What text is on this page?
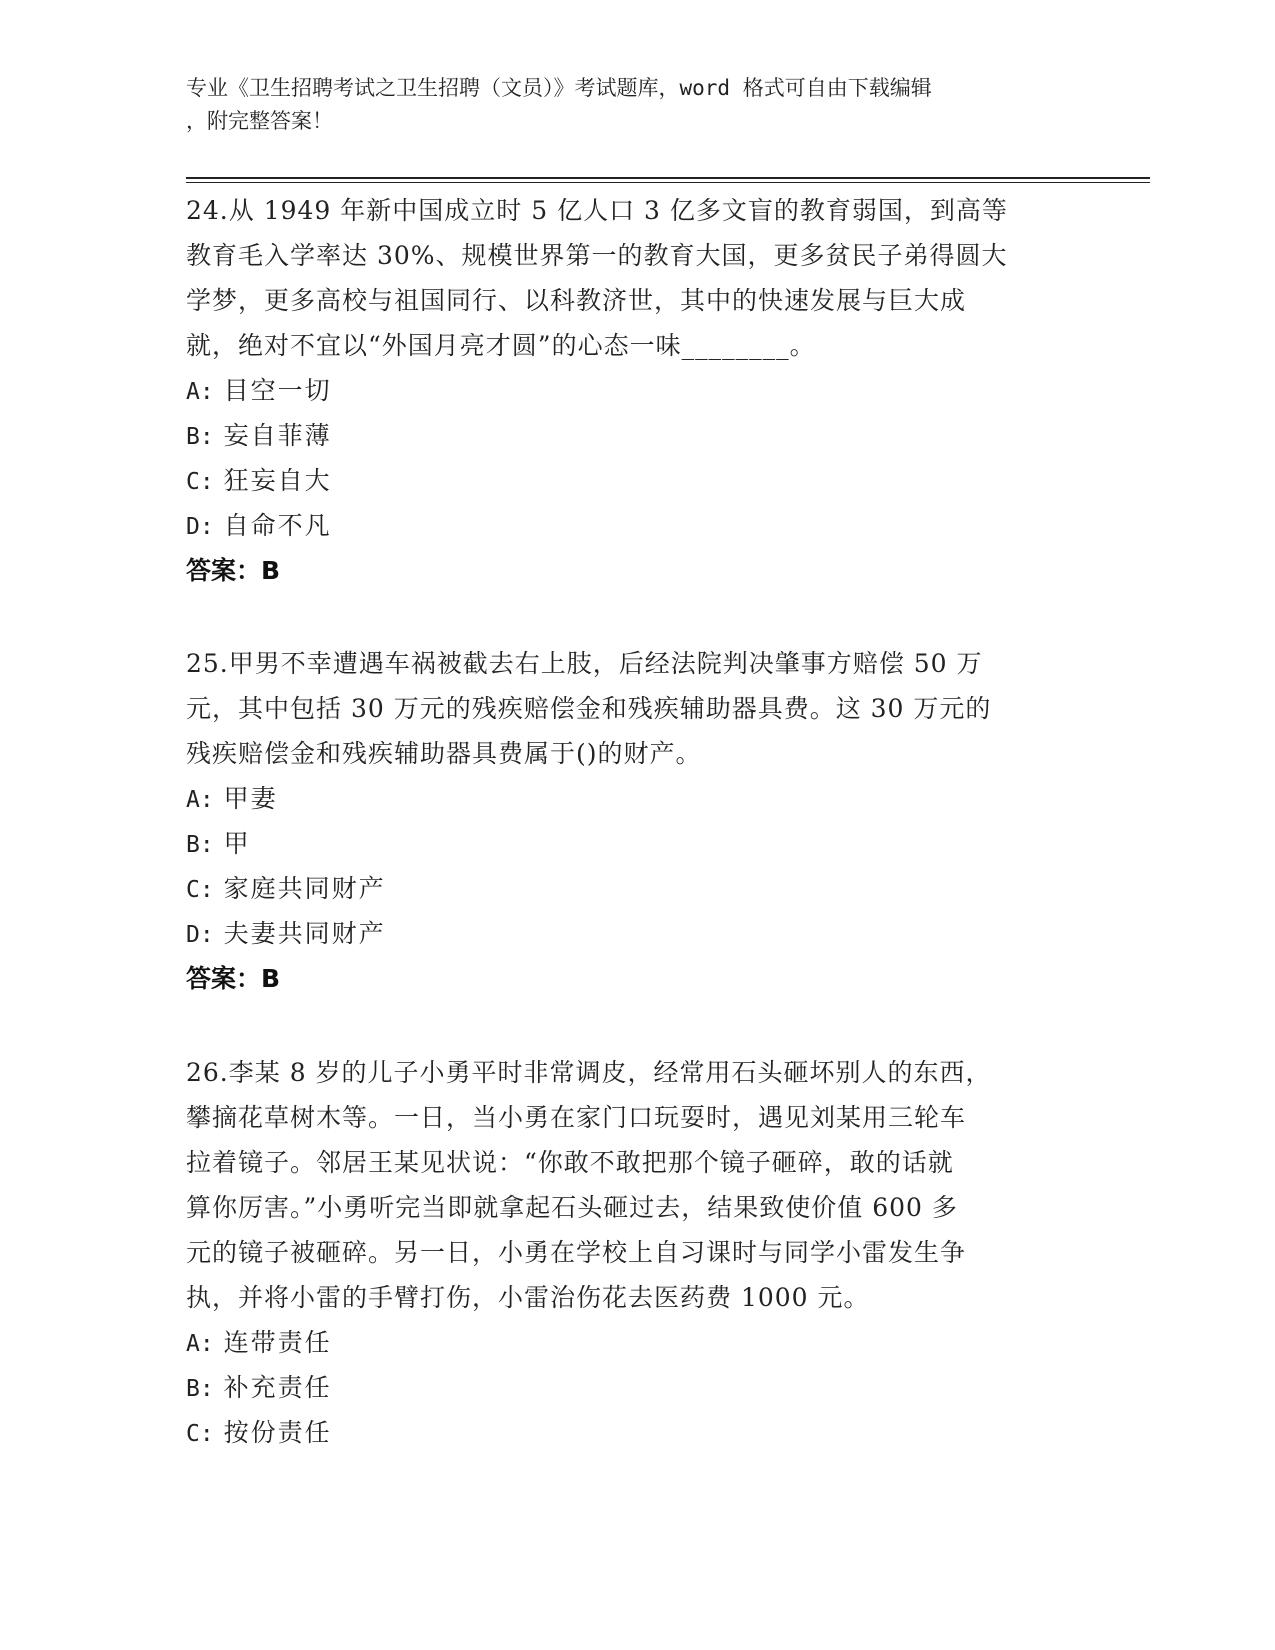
专业《卫生招聘考试之卫生招聘（文员）》考试题库，word 格式可自由下载编辑
，附完整答案！
24.从 1949 年新中国成立时 5 亿人口 3 亿多文盲的教育弱国，到高等
教育毛入学率达 30%、规模世界第一的教育大国，更多贫民子弟得圆大
学梦，更多高校与祖国同行、以科教济世，其中的快速发展与巨大成
就，绝对不宜以“外国月亮才圆”的心态一味________。
A: 目空一切
B: 妄自菲薄
C: 狂妄自大
D: 自命不凡
答案：B
25.甲男不幸遭遇车祸被截去右上肢，后经法院判决肇事方赔偿 50 万
元，其中包括 30 万元的残疾赔偿金和残疾辅助器具费。这 30 万元的
残疾赔偿金和残疾辅助器具费属于()的财产。
A: 甲妻
B: 甲
C: 家庭共同财产
D: 夫妻共同财产
答案：B
26.李某 8 岁的儿子小勇平时非常调皮，经常用石头砸坏别人的东西，
攀摘花草树木等。一日，当小勇在家门口玩耍时，遇见刘某用三轮车
拉着镜子。邻居王某见状说：“你敢不敢把那个镜子砸碎，敢的话就
算你厉害。”小勇听完当即就拿起石头砸过去，结果致使价值 600 多
元的镜子被砸碎。另一日，小勇在学校上自习课时与同学小雷发生争
执，并将小雷的手臂打伤，小雷治伤花去医药费 1000 元。
A: 连带责任
B: 补充责任
C: 按份责任
